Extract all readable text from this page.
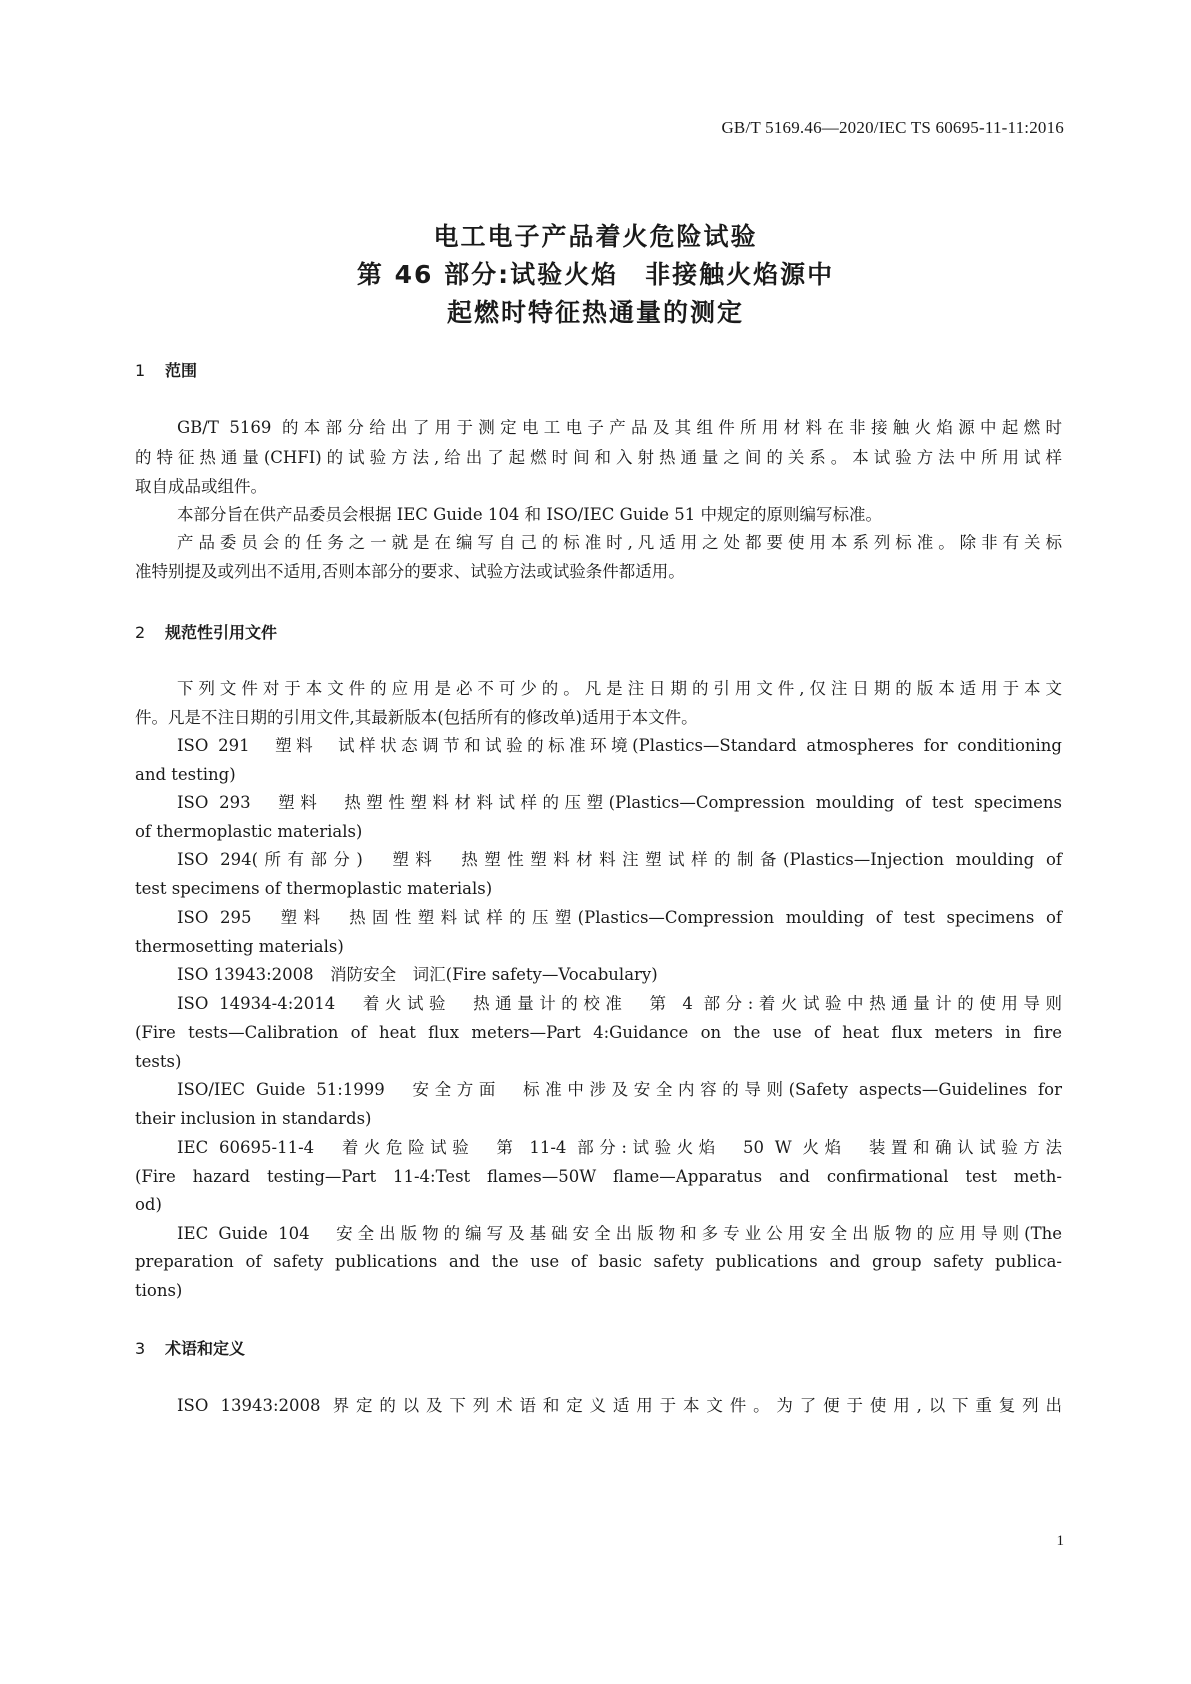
GB/T 5169.46—2020/IEC TS 60695-11-11:2016
电工电子产品着火危险试验
第 46 部分:试验火焰　非接触火焰源中
起燃时特征热通量的测定
1 范围
GB/T 5169 的本部分给出了用于测定电工电子产品及其组件所用材料在非接触火焰源中起燃时
的特征热通量(CHFI)的试验方法,给出了起燃时间和入射热通量之间的关系。本试验方法中所用试样
取自成品或组件。
本部分旨在供产品委员会根据 IEC Guide 104 和 ISO/IEC Guide 51 中规定的原则编写标准。
产品委员会的任务之一就是在编写自己的标准时,凡适用之处都要使用本系列标准。除非有关标
准特别提及或列出不适用,否则本部分的要求、试验方法或试验条件都适用。
2 规范性引用文件
下列文件对于本文件的应用是必不可少的。凡是注日期的引用文件,仅注日期的版本适用于本文
件。凡是不注日期的引用文件,其最新版本(包括所有的修改单)适用于本文件。
ISO 291　塑料　试样状态调节和试验的标准环境(Plastics—Standard atmospheres for conditioning
and testing)
ISO 293　塑料　热塑性塑料材料试样的压塑(Plastics—Compression moulding of test specimens
of thermoplastic materials)
ISO 294(所有部分)　塑料　热塑性塑料材料注塑试样的制备(Plastics—Injection moulding of
test specimens of thermoplastic materials)
ISO 295　塑料　热固性塑料试样的压塑(Plastics—Compression moulding of test specimens of
thermosetting materials)
ISO 13943:2008　消防安全　词汇(Fire safety—Vocabulary)
ISO 14934-4:2014　着火试验　热通量计的校准　第 4 部分:着火试验中热通量计的使用导则
(Fire tests—Calibration of heat flux meters—Part 4:Guidance on the use of heat flux meters in fire
tests)
ISO/IEC Guide 51:1999　安全方面　标准中涉及安全内容的导则(Safety aspects—Guidelines for
their inclusion in standards)
IEC 60695-11-4　着火危险试验　第 11-4 部分:试验火焰　50 W 火焰　装置和确认试验方法
(Fire hazard testing—Part 11-4:Test flames—50W flame—Apparatus and confirmational test meth-
od)
IEC Guide 104　安全出版物的编写及基础安全出版物和多专业公用安全出版物的应用导则(The
preparation of safety publications and the use of basic safety publications and group safety publica-
tions)
3 术语和定义
ISO 13943:2008 界定的以及下列术语和定义适用于本文件。为了便于使用,以下重复列出
1
